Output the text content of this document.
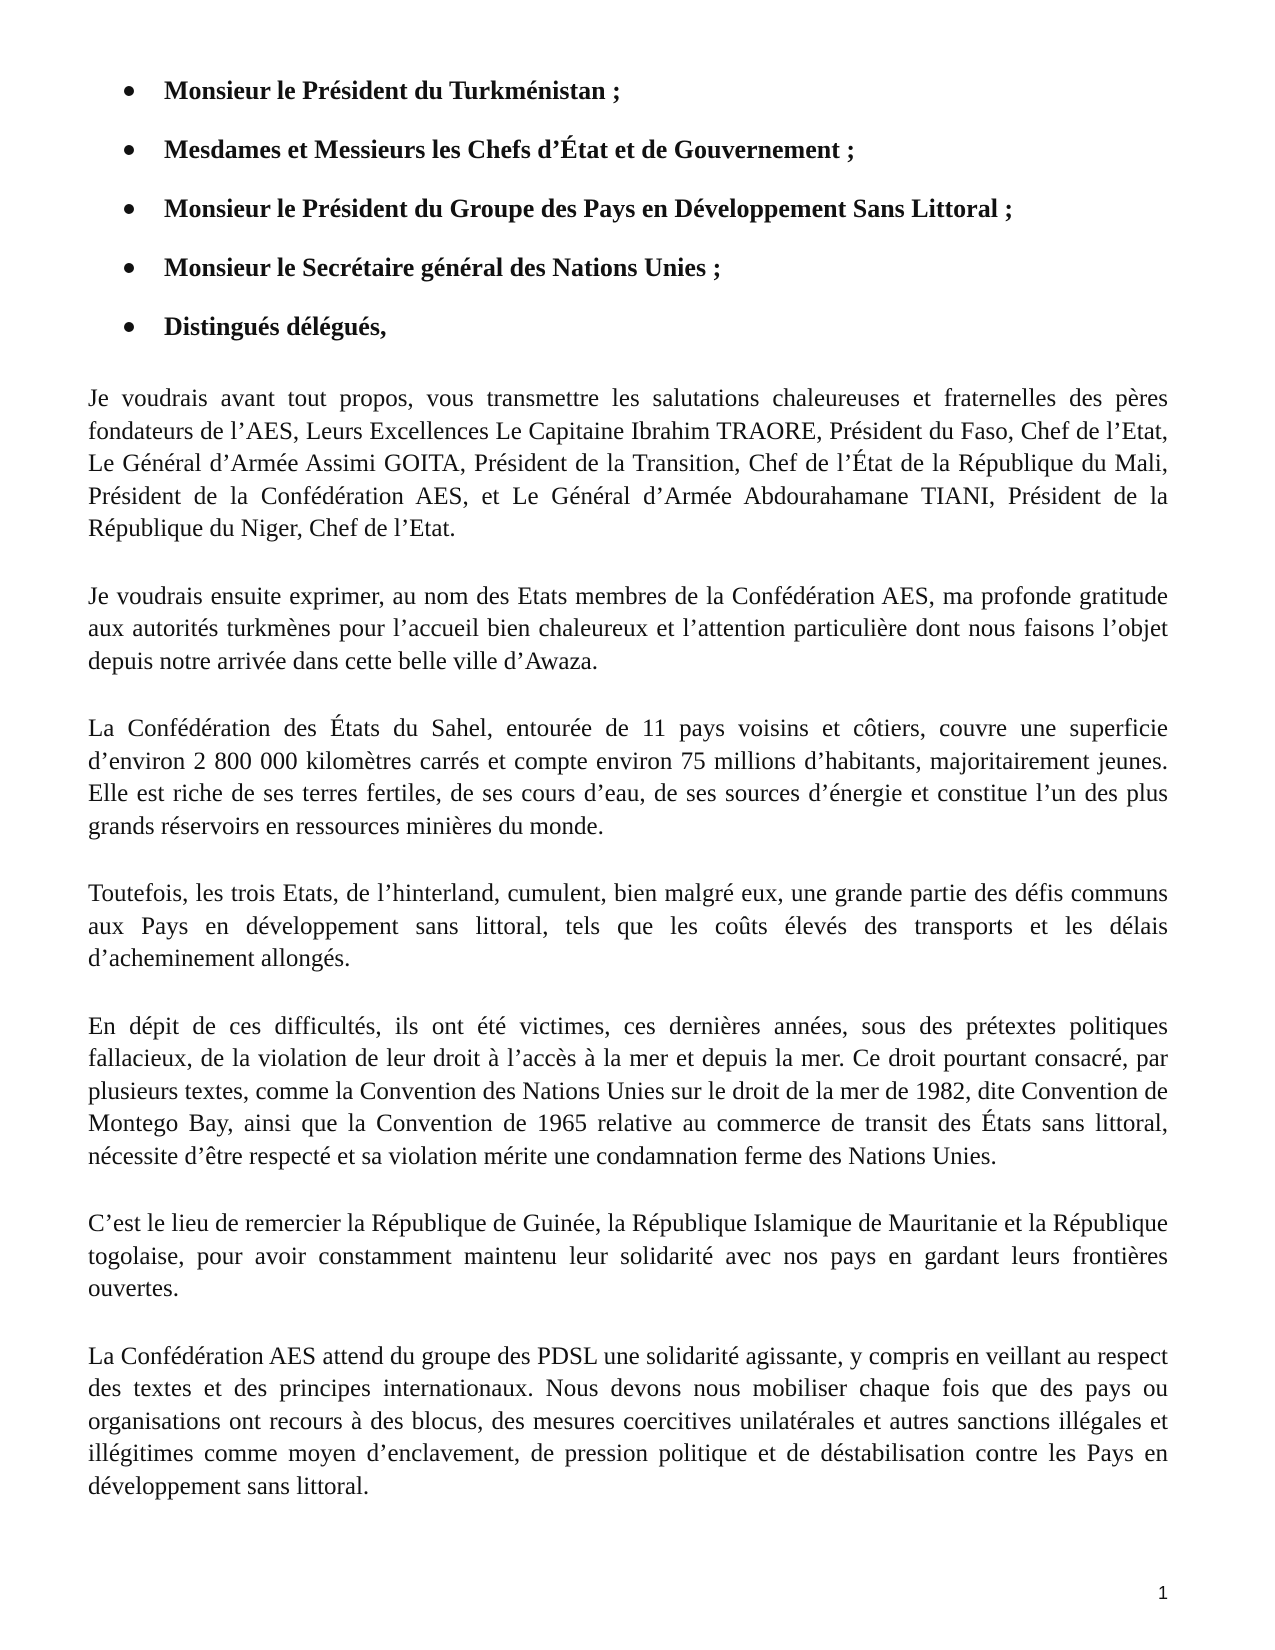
Monsieur le Président du Turkménistan ;
Mesdames et Messieurs les Chefs d’État et de Gouvernement ;
Monsieur le Président du Groupe des Pays en Développement Sans Littoral ;
Monsieur le Secrétaire général des Nations Unies ;
Distingués délégués,

Je voudrais avant tout propos, vous transmettre les salutations chaleureuses et fraternelles des pères fondateurs de l’AES, Leurs Excellences Le Capitaine Ibrahim TRAORE, Président du Faso, Chef de l’Etat, Le Général d’Armée Assimi GOITA, Président de la Transition, Chef de l’État de la République du Mali, Président de la Confédération AES, et Le Général d’Armée Abdourahamane TIANI, Président de la République du Niger, Chef de l’Etat.

Je voudrais ensuite exprimer, au nom des Etats membres de la Confédération AES, ma profonde gratitude aux autorités turkmènes pour l’accueil bien chaleureux et l’attention particulière dont nous faisons l’objet depuis notre arrivée dans cette belle ville d’Awaza.

La Confédération des États du Sahel, entourée de 11 pays voisins et côtiers, couvre une superficie d’environ 2 800 000 kilomètres carrés et compte environ 75 millions d’habitants, majoritairement jeunes. Elle est riche de ses terres fertiles, de ses cours d’eau, de ses sources d’énergie et constitue l’un des plus grands réservoirs en ressources minières du monde.

Toutefois, les trois Etats, de l’hinterland, cumulent, bien malgré eux, une grande partie des défis communs aux Pays en développement sans littoral, tels que les coûts élevés des transports et les délais d’acheminement allongés.

En dépit de ces difficultés, ils ont été victimes, ces dernières années, sous des prétextes politiques fallacieux, de la violation de leur droit à l’accès à la mer et depuis la mer. Ce droit pourtant consacré, par plusieurs textes, comme la Convention des Nations Unies sur le droit de la mer de 1982, dite Convention de Montego Bay, ainsi que la Convention de 1965 relative au commerce de transit des États sans littoral, nécessite d’être respecté et sa violation mérite une condamnation ferme des Nations Unies.

C’est le lieu de remercier la République de Guinée, la République Islamique de Mauritanie et la République togolaise, pour avoir constamment maintenu leur solidarité avec nos pays en gardant leurs frontières ouvertes.

La Confédération AES attend du groupe des PDSL une solidarité agissante, y compris en veillant au respect des textes et des principes internationaux. Nous devons nous mobiliser chaque fois que des pays ou organisations ont recours à des blocus, des mesures coercitives unilatérales et autres sanctions illégales et illégitimes comme moyen d’enclavement, de pression politique et de déstabilisation contre les Pays en développement sans littoral.

1
